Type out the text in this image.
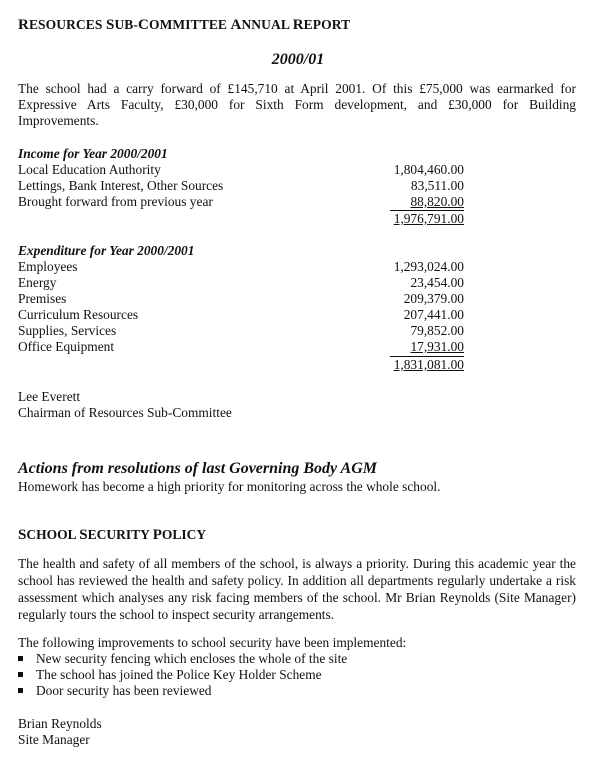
RESOURCES SUB-COMMITTEE ANNUAL REPORT
2000/01
The school had a carry forward of £145,710 at April 2001. Of this £75,000 was earmarked for Expressive Arts Faculty, £30,000 for Sixth Form development, and £30,000 for Building Improvements.
Income for Year 2000/2001
Local Education Authority	1,804,460.00
Lettings, Bank Interest, Other Sources	83,511.00
Brought forward from previous year	88,820.00
1,976,791.00
Expenditure for Year 2000/2001
Employees	1,293,024.00
Energy	23,454.00
Premises	209,379.00
Curriculum Resources	207,441.00
Supplies, Services	79,852.00
Office Equipment	17,931.00
1,831,081.00
Lee Everett
Chairman of Resources Sub-Committee
Actions from resolutions of last Governing Body AGM
Homework has become a high priority for monitoring across the whole school.
SCHOOL SECURITY POLICY
The health and safety of all members of the school, is always a priority. During this academic year the school has reviewed the health and safety policy. In addition all departments regularly undertake a risk assessment which analyses any risk facing members of the school. Mr Brian Reynolds (Site Manager) regularly tours the school to inspect security arrangements.
The following improvements to school security have been implemented:
New security fencing which encloses the whole of the site
The school has joined the Police Key Holder Scheme
Door security has been reviewed
Brian Reynolds
Site Manager
